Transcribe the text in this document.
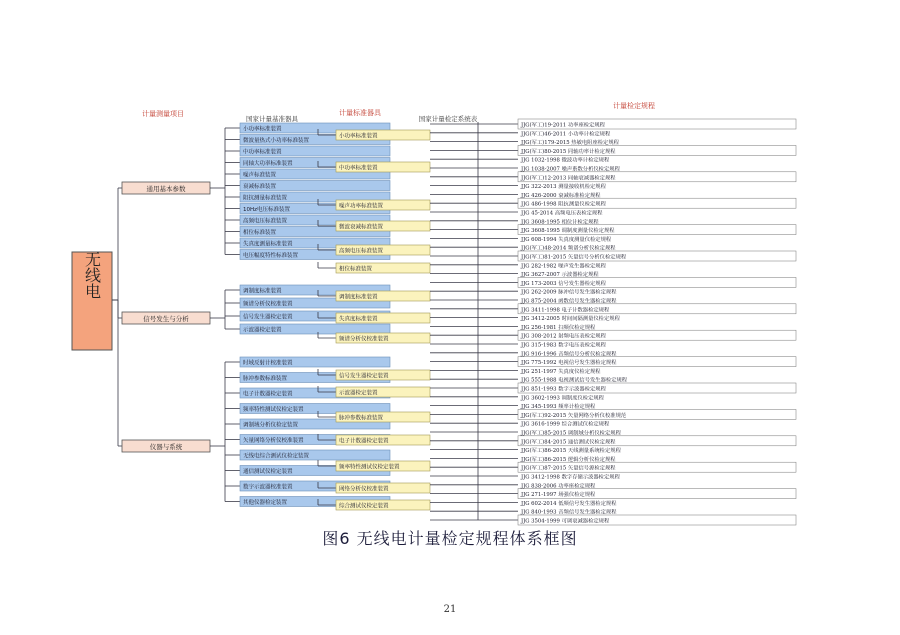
计量测量项目
国家计量基准器具
计量标准器具
国家计量检定系统表
计量检定规程
无线电
通用基本参数
信号发生与分析
仪器与系统
小功率标准装置
微波量热式小功率标准装置
中功率标准装置
同轴大功率标准装置
噪声标准装置
衰减标准装置
阻抗测量标准装置
10Hz电压标准装置
高频电压标准装置
相位标准装置
失真度测量标准装置
电压幅度特性标准装置
调制度标准装置
频谱分析仪校准装置
信号发生器检定装置
示波器检定装置
时域反射计校准装置
脉冲参数标准装置
电子计数器检定装置
频率特性测试仪检定装置
调制域分析仪检定装置
矢量网络分析仪校准装置
无线电综合测试仪检定装置
通信测试仪检定装置
数字示波器校准装置
其他仪器检定装置
小功率标准装置
中功率标准装置
噪声功率标准装置
微波衰减标准装置
高频电压标准装置
相位标准装置
调制度标准装置
失真度标准装置
频谱分析仪校准装置
信号发生器检定装置
示波器检定装置
脉冲参数标准装置
电子计数器检定装置
频率特性测试仪检定装置
网络分析仪校准装置
综合测试仪检定装置
JJG(军工)19-2011 功率座检定规程
JJG(军工)46-2011 小功率计检定规程
JJG(军工)179-2015 热敏电阻座检定规程
JJG(军工)80-2015 同轴功率计检定规程
JJG 1032-1998 微波功率计检定规程
JJG 1038-2007 噪声系数分析仪检定规程
JJG(军工)12-2013 同轴衰减器检定规程
JJG 322-2013 测量接收机检定规程
JJG 426-2000 衰减标准检定规程
JJG 486-1998 阻抗测量仪检定规程
JJG 45-2014 高频电压表检定规程
JJG 3608-1995 相位计检定规程
JJG 3608-1995 调制度测量仪检定规程
JJG 608-1994 失真度测量仪检定规程
JJG(军工)48-2014 频谱分析仪检定规程
JJG(军工)81-2015 矢量信号分析仪检定规程
JJG 282-1982 噪声发生器检定规程
JJG 3627-2007 示波器检定规程
JJG 173-2003 信号发生器检定规程
JJG 262-2009 脉冲信号发生器检定规程
JJG 875-2004 函数信号发生器检定规程
JJG 3411-1998 电子计数器检定规程
JJG 3412-2005 时间间隔测量仪检定规程
JJG 256-1981 扫频仪检定规程
JJG 308-2012 射频电压表检定规程
JJG 315-1983 数字电压表检定规程
JJG 916-1996 音频信号分析仪检定规程
JJG 775-1992 电视信号发生器检定规程
JJG 251-1997 失真度仪检定规程
JJG 555-1988 电视测试信号发生器检定规程
JJG 851-1993 数字示波器检定规程
JJG 3602-1993 调制度仪检定规程
JJG 345-1993 频率计检定规程
JJG(军工)92-2015 矢量网络分析仪校准规范
JJG 3616-1999 综合测试仪检定规程
JJG(军工)85-2015 调制域分析仪检定规程
JJG(军工)84-2015 通信测试仪检定规程
JJG(军工)86-2015 天线测量系统检定规程
JJG(军工)86-2015 逻辑分析仪检定规程
JJG(军工)87-2015 矢量信号源检定规程
JJG 3412-1998 数字存储示波器检定规程
JJG 838-2006 功率座检定规程
JJG 271-1997 场强仪检定规程
JJG 602-2014 低频信号发生器检定规程
JJG 840-1993 音频信号发生器检定规程
JJG 3504-1999 可调衰减器检定规程
图6 无线电计量检定规程体系框图
21
